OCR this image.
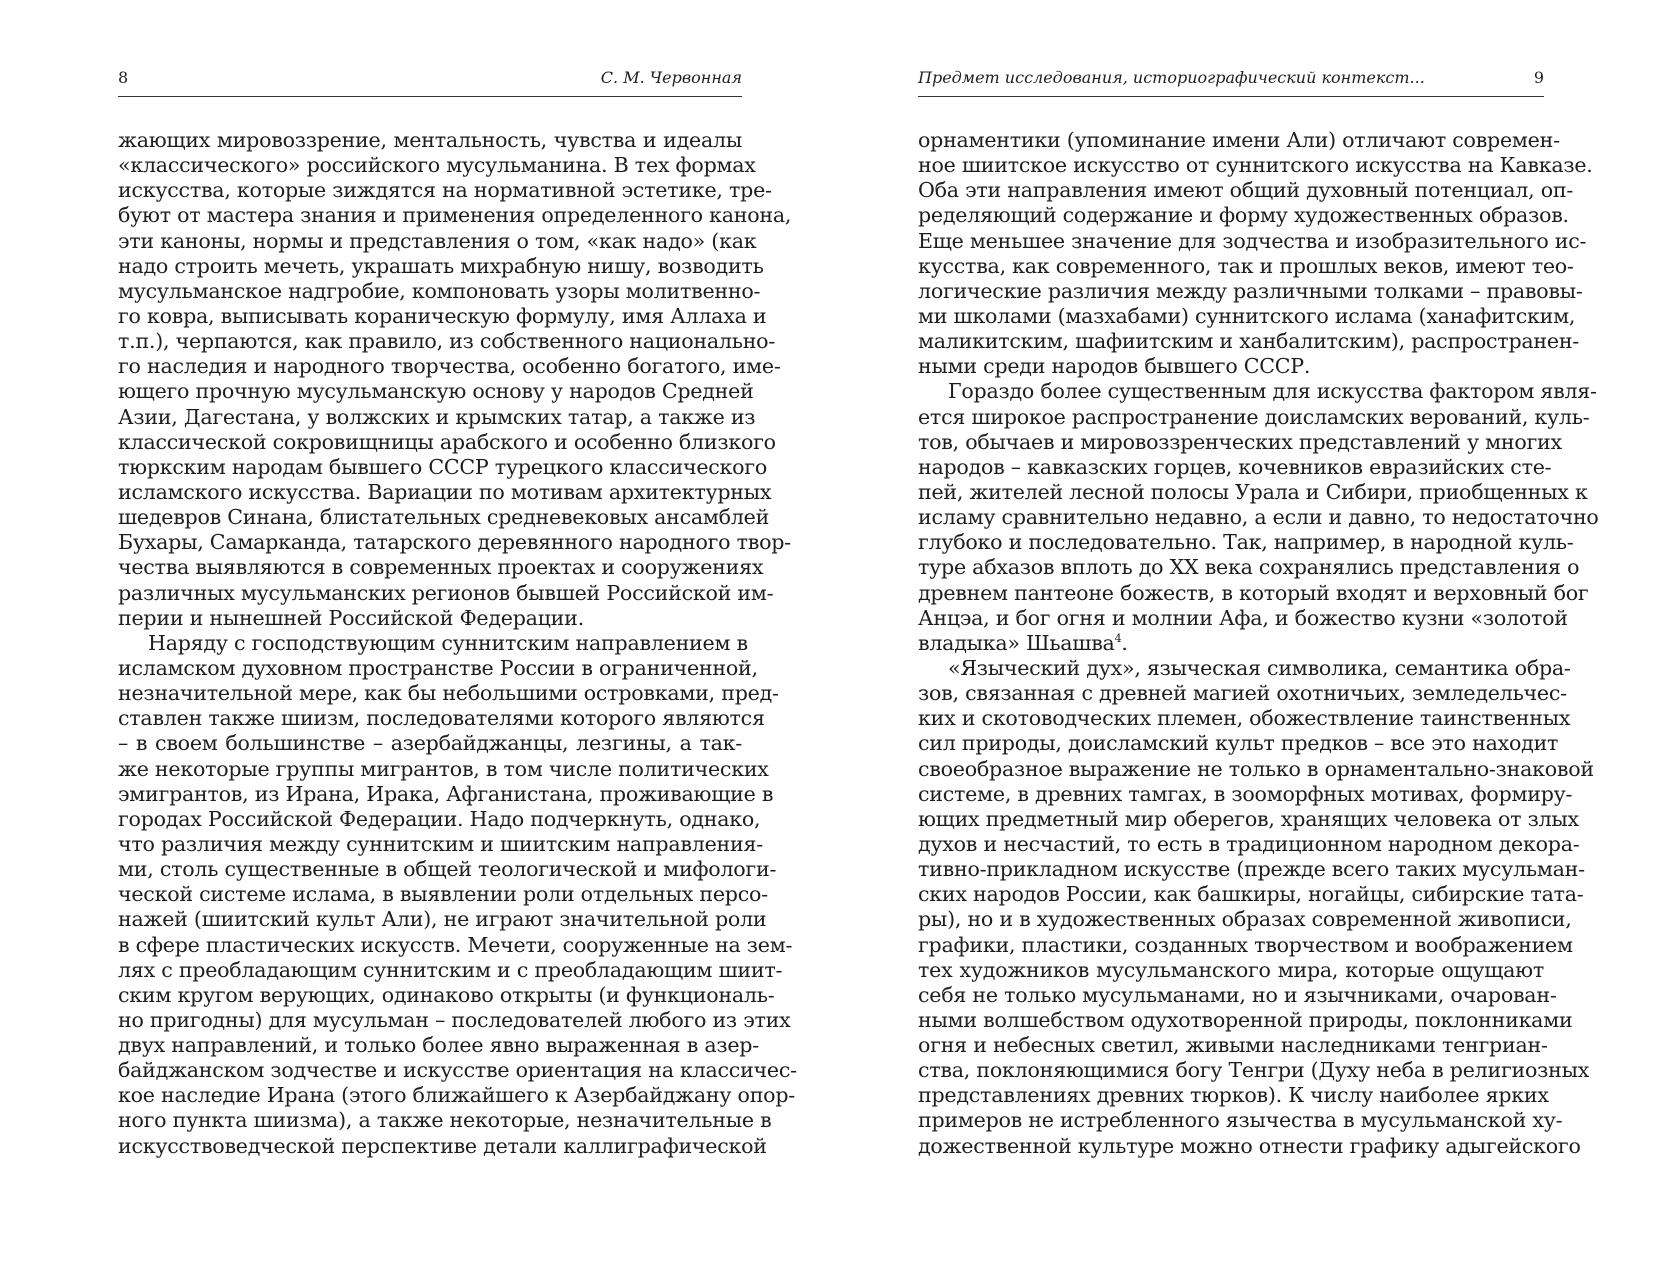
8	С. М. Червонная
жающих мировоззрение, ментальность, чувства и идеалы
«классического» российского мусульманина. В тех формах
искусства, которые зиждятся на нормативной эстетике, тре-
буют от мастера знания и применения определенного канона,
эти каноны, нормы и представления о том, «как надо» (как
надо строить мечеть, украшать михрабную нишу, возводить
мусульманское надгробие, компоновать узоры молитвенно-
го ковра, выписывать кораническую формулу, имя Аллаха и
т.п.), черпаются, как правило, из собственного национально-
го наследия и народного творчества, особенно богатого, име-
ющего прочную мусульманскую основу у народов Средней
Азии, Дагестана, у волжских и крымских татар, а также из
классической сокровищницы арабского и особенно близкого
тюркским народам бывшего СССР турецкого классического
исламского искусства. Вариации по мотивам архитектурных
шедевров Синана, блистательных средневековых ансамблей
Бухары, Самарканда, татарского деревянного народного твор-
чества выявляются в современных проектах и сооружениях
различных мусульманских регионов бывшей Российской им-
перии и нынешней Российской Федерации.
Наряду с господствующим суннитским направлением в
исламском духовном пространстве России в ограниченной,
незначительной мере, как бы небольшими островками, пред-
ставлен также шиизм, последователями которого являются
– в своем большинстве – азербайджанцы, лезгины, а так-
же некоторые группы мигрантов, в том числе политических
эмигрантов, из Ирана, Ирака, Афганистана, проживающие в
городах Российской Федерации. Надо подчеркнуть, однако,
что различия между суннитским и шиитским направления-
ми, столь существенные в общей теологической и мифологи-
ческой системе ислама, в выявлении роли отдельных персо-
нажей (шиитский культ Али), не играют значительной роли
в сфере пластических искусств. Мечети, сооруженные на зем-
лях с преобладающим суннитским и с преобладающим шиит-
ским кругом верующих, одинаково открыты (и функциональ-
но пригодны) для мусульман – последователей любого из этих
двух направлений, и только более явно выраженная в азер-
байджанском зодчестве и искусстве ориентация на классичес-
кое наследие Ирана (этого ближайшего к Азербайджану опор-
ного пункта шиизма), а также некоторые, незначительные в
искусствоведческой перспективе детали каллиграфической
Предмет исследования, историографический контекст...	9
орнаментики (упоминание имени Али) отличают современ-
ное шиитское искусство от суннитского искусства на Кавказе.
Оба эти направления имеют общий духовный потенциал, оп-
ределяющий содержание и форму художественных образов.
Еще меньшее значение для зодчества и изобразительного ис-
кусства, как современного, так и прошлых веков, имеют тео-
логические различия между различными толками – правовы-
ми школами (мазхабами) суннитского ислама (ханафитским,
маликитским, шафиитским и ханбалитским), распространен-
ными среди народов бывшего СССР.
Гораздо более существенным для искусства фактором явля-
ется широкое распространение доисламских верований, куль-
тов, обычаев и мировоззренческих представлений у многих
народов – кавказских горцев, кочевников евразийских сте-
пей, жителей лесной полосы Урала и Сибири, приобщенных к
исламу сравнительно недавно, а если и давно, то недостаточно
глубоко и последовательно. Так, например, в народной куль-
туре абхазов вплоть до XX века сохранялись представления о
древнем пантеоне божеств, в который входят и верховный бог
Анцэа, и бог огня и молнии Афа, и божество кузни «золотой
владыка» Шьашва$^4$.
«Языческий дух», языческая символика, семантика обра-
зов, связанная с древней магией охотничьих, земледельчес-
ких и скотоводческих племен, обожествление таинственных
сил природы, доисламский культ предков – все это находит
своеобразное выражение не только в орнаментально-знаковой
системе, в древних тамгах, в зооморфных мотивах, формиру-
ющих предметный мир оберегов, хранящих человека от злых
духов и несчастий, то есть в традиционном народном декора-
тивно-прикладном искусстве (прежде всего таких мусульман-
ских народов России, как башкиры, ногайцы, сибирские тата-
ры), но и в художественных образах современной живописи,
графики, пластики, созданных творчеством и воображением
тех художников мусульманского мира, которые ощущают
себя не только мусульманами, но и язычниками, очарован-
ными волшебством одухотворенной природы, поклонниками
огня и небесных светил, живыми наследниками тенгриан-
ства, поклоняющимися богу Тенгри (Духу неба в религиозных
представлениях древних тюрков). К числу наиболее ярких
примеров не истребленного язычества в мусульманской ху-
дожественной культуре можно отнести графику адыгейского
